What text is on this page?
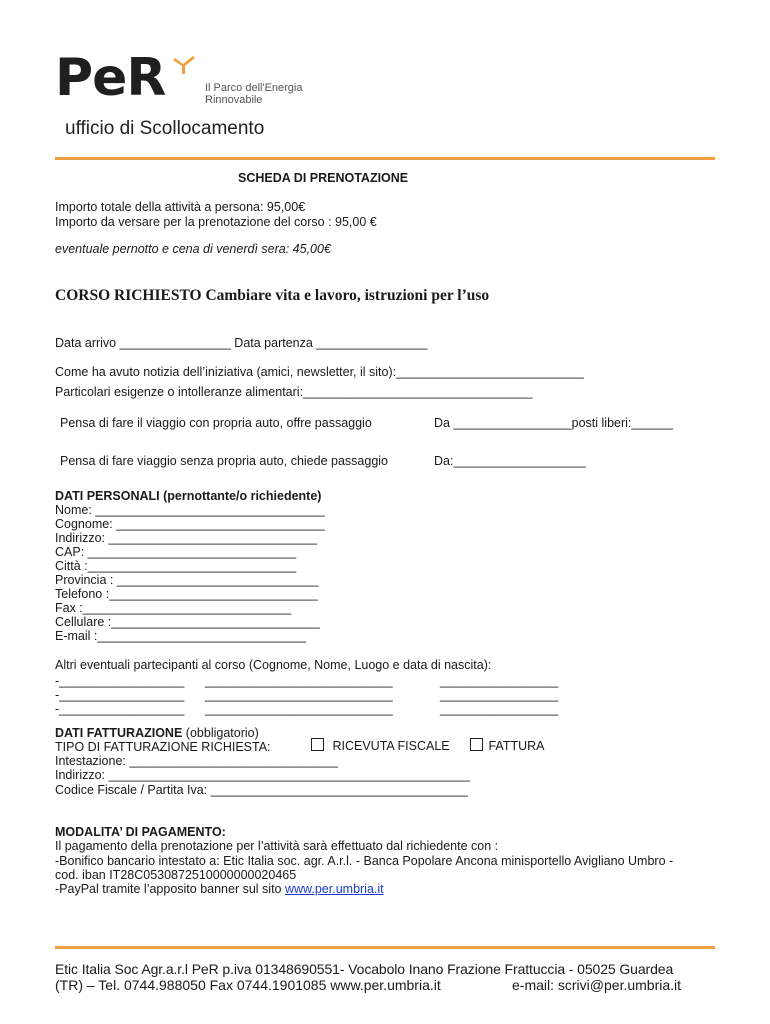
PeR	Il Parco dell'Energia
Rinnovabile
ufficio di Scollocamento
SCHEDA DI PRENOTAZIONE
Importo totale della attività a persona: 95,00€
Importo da versare per la prenotazione del corso : 95,00 €
eventuale pernotto e cena di venerdì sera: 45,00€
CORSO RICHIESTO Cambiare vita e lavoro, istruzioni per l’uso
Data arrivo ________________ Data partenza ________________
Come ha avuto notizia dell’iniziativa (amici, newsletter, il sito):___________________________
Particolari esigenze o intolleranze alimentari:_________________________________
Pensa di fare il viaggio con propria auto, offre passaggio	Da _________________posti liberi:______
Pensa di fare viaggio senza propria auto, chiede passaggio	Da:___________________
DATI PERSONALI (pernottante/o richiedente)
Nome: _________________________________
Cognome: ______________________________
Indirizzo: ______________________________
CAP: ______________________________
Città :______________________________
Provincia : _____________________________
Telefono :______________________________
Fax :______________________________
Cellulare :______________________________
E-mail :______________________________
Altri eventuali partecipanti al corso (Cognome, Nome, Luogo e data di nascita):
-__________________ ___________________________	_________________
-__________________ ___________________________	_________________
-__________________ ___________________________	_________________
DATI FATTURAZIONE (obbligatorio)
TIPO DI FATTURAZIONE RICHIESTA:	RICEVUTA FISCALE	FATTURA
Intestazione: ______________________________
Indirizzo: ____________________________________________________
Codice Fiscale / Partita Iva: _____________________________________
MODALITA’ DI PAGAMENTO:
Il pagamento della prenotazione per l’attività sarà effettuato dal richiedente con :
-Bonifico bancario intestato a: Etic Italia soc. agr. A.r.l. - Banca Popolare Ancona minisportello Avigliano Umbro -
cod. iban IT28C0530872510000000020465
-PayPal tramite l’apposito banner sul sito www.per.umbria.it
Etic Italia Soc Agr.a.r.l PeR p.iva 01348690551- Vocabolo Inano Frazione Frattuccia - 05025 Guardea
(TR) – Tel. 0744.988050 Fax 0744.1901085 www.per.umbria.it	e-mail: scrivi@per.umbria.it
